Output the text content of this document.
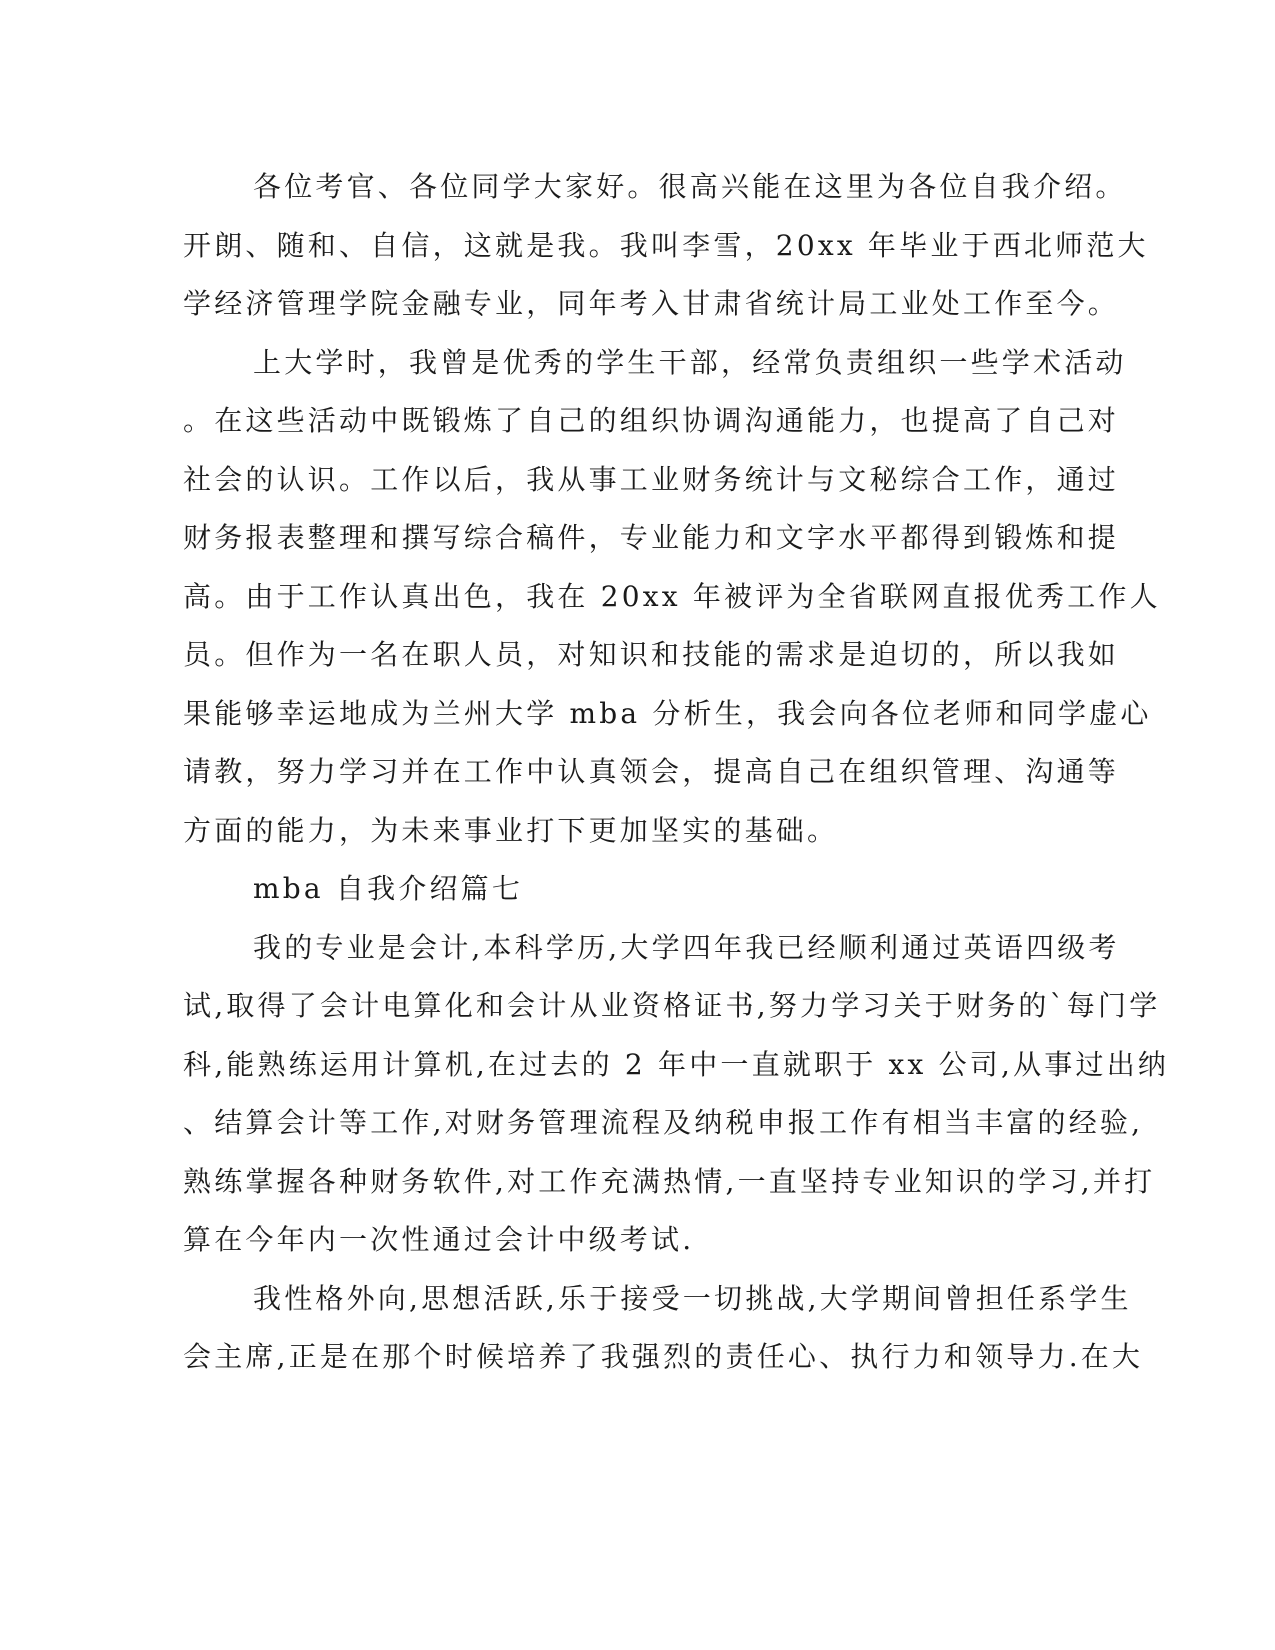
各位考官、各位同学大家好。很高兴能在这里为各位自我介绍。
开朗、随和、自信，这就是我。我叫李雪，20xx 年毕业于西北师范大
学经济管理学院金融专业，同年考入甘肃省统计局工业处工作至今。
上大学时，我曾是优秀的学生干部，经常负责组织一些学术活动
。在这些活动中既锻炼了自己的组织协调沟通能力，也提高了自己对
社会的认识。工作以后，我从事工业财务统计与文秘综合工作，通过
财务报表整理和撰写综合稿件，专业能力和文字水平都得到锻炼和提
高。由于工作认真出色，我在 20xx 年被评为全省联网直报优秀工作人
员。但作为一名在职人员，对知识和技能的需求是迫切的，所以我如
果能够幸运地成为兰州大学 mba 分析生，我会向各位老师和同学虚心
请教，努力学习并在工作中认真领会，提高自己在组织管理、沟通等
方面的能力，为未来事业打下更加坚实的基础。
mba 自我介绍篇七
我的专业是会计,本科学历,大学四年我已经顺利通过英语四级考
试,取得了会计电算化和会计从业资格证书,努力学习关于财务的`每门学
科,能熟练运用计算机,在过去的 2 年中一直就职于 xx 公司,从事过出纳
、结算会计等工作,对财务管理流程及纳税申报工作有相当丰富的经验,
熟练掌握各种财务软件,对工作充满热情,一直坚持专业知识的学习,并打
算在今年内一次性通过会计中级考试.
我性格外向,思想活跃,乐于接受一切挑战,大学期间曾担任系学生
会主席,正是在那个时候培养了我强烈的责任心、执行力和领导力.在大
